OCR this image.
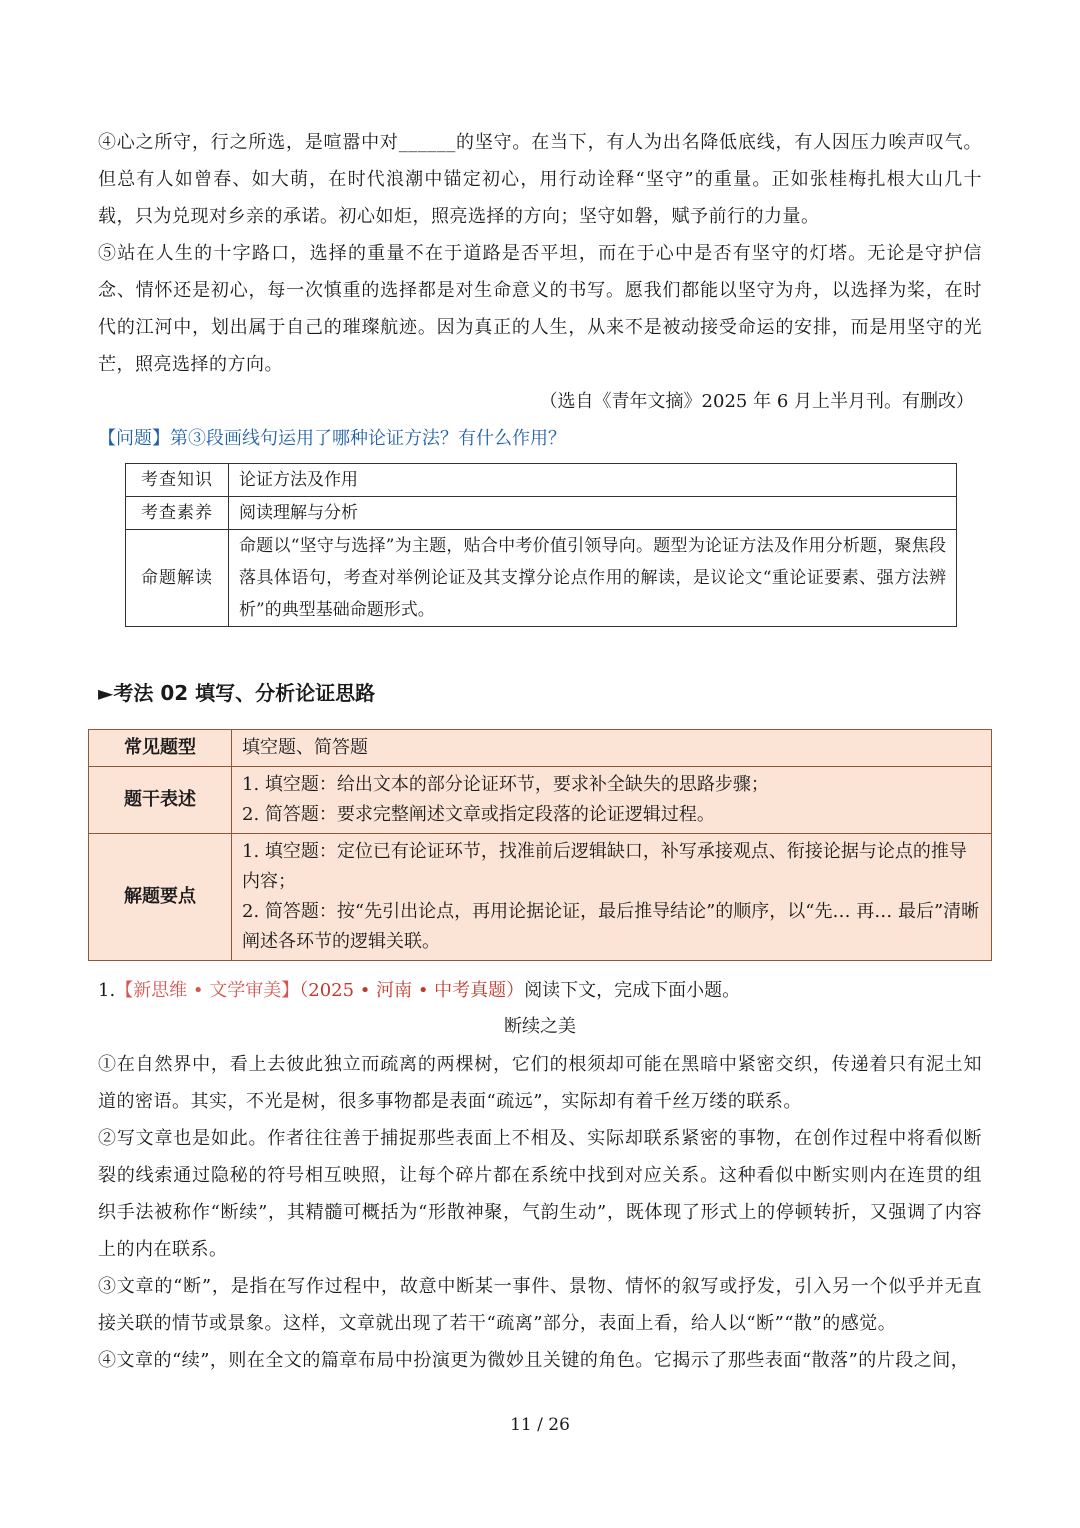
④心之所守，行之所选，是喧嚣中对______的坚守。在当下，有人为出名降低底线，有人因压力唉声叹气。但总有人如曾春、如大萌，在时代浪潮中锚定初心，用行动诠释“坚守”的重量。正如张桂梅扎根大山几十载，只为兑现对乡亲的承诺。初心如炬，照亮选择的方向；坚守如磐，赋予前行的力量。

⑤站在人生的十字路口，选择的重量不在于道路是否平坦，而在于心中是否有坚守的灯塔。无论是守护信念、情怀还是初心，每一次慎重的选择都是对生命意义的书写。愿我们都能以坚守为舟，以选择为桨，在时代的江河中，划出属于自己的璀璨航迹。因为真正的人生，从来不是被动接受命运的安排，而是用坚守的光芒，照亮选择的方向。

（选自《青年文摘》2025 年 6 月上半月刊。有删改）
【问题】第③段画线句运用了哪种论证方法？有什么作用？
考查知识	论证方法及作用
考查素养	阅读理解与分析
命题解读	命题以“坚守与选择”为主题，贴合中考价值引领导向。题型为论证方法及作用分析题，聚焦段落具体语句，考查对举例论证及其支撑分论点作用的解读，是议论文“重论证要素、强方法辨析”的典型基础命题形式。
►考法 02 填写、分析论证思路
常见题型	填空题、简答题

题干表述	1. 填空题：给出文本的部分论证环节，要求补全缺失的思路步骤；
2. 简答题：要求完整阐述文章或指定段落的论证逻辑过程。

解题要点	1. 填空题：定位已有论证环节，找准前后逻辑缺口，补写承接观点、衔接论据与论点的推导内容；
2. 简答题：按“先引出论点，再用论据论证，最后推导结论”的顺序，以“先… 再… 最后”清晰阐述各环节的逻辑关联。
1.【新思维 • 文学审美】（2025 • 河南 • 中考真题）阅读下文，完成下面小题。
断续之美

①在自然界中，看上去彼此独立而疏离的两棵树，它们的根须却可能在黑暗中紧密交织，传递着只有泥土知道的密语。其实，不光是树，很多事物都是表面“疏远”，实际却有着千丝万缕的联系。

②写文章也是如此。作者往往善于捕捉那些表面上不相及、实际却联系紧密的事物，在创作过程中将看似断裂的线索通过隐秘的符号相互映照，让每个碎片都在系统中找到对应关系。这种看似中断实则内在连贯的组织手法被称作“断续”，其精髓可概括为“形散神聚，气韵生动”，既体现了形式上的停顿转折，又强调了内容上的内在联系。

③文章的“断”，是指在写作过程中，故意中断某一事件、景物、情怀的叙写或抒发，引入另一个似乎并无直接关联的情节或景象。这样，文章就出现了若干“疏离”部分，表面上看，给人以“断”“散”的感觉。

④文章的“续”，则在全文的篇章布局中扮演更为微妙且关键的角色。它揭示了那些表面“散落”的片段之间，

11 / 26
